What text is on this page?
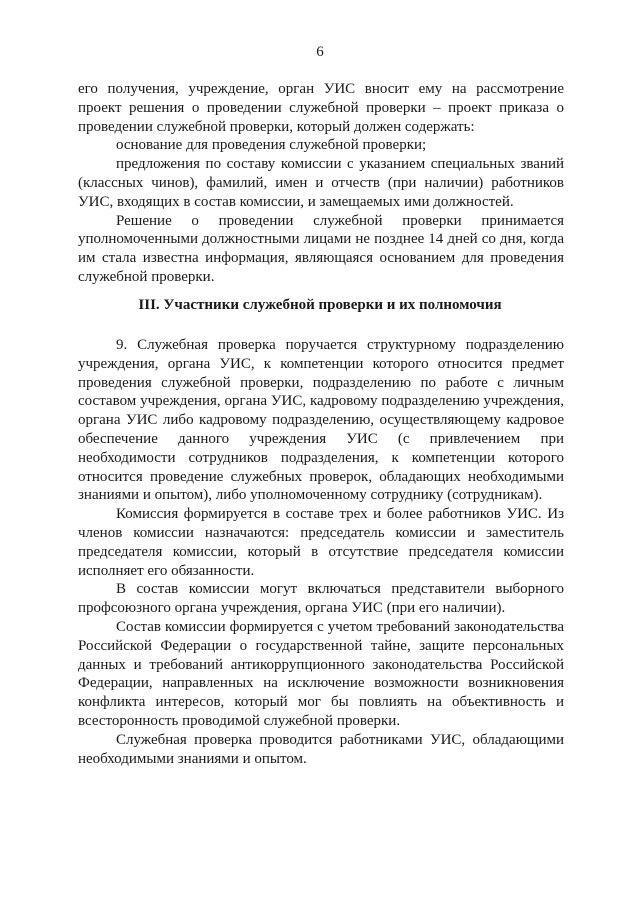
6

его получения, учреждение, орган УИС вносит ему на рассмотрение проект решения о проведении служебной проверки – проект приказа о проведении служебной проверки, который должен содержать:

основание для проведения служебной проверки;

предложения по составу комиссии с указанием специальных званий (классных чинов), фамилий, имен и отчеств (при наличии) работников УИС, входящих в состав комиссии, и замещаемых ими должностей.

Решение о проведении служебной проверки принимается уполномоченными должностными лицами не позднее 14 дней со дня, когда им стала известна информация, являющаяся основанием для проведения служебной проверки.

III. Участники служебной проверки и их полномочия

9. Служебная проверка поручается структурному подразделению учреждения, органа УИС, к компетенции которого относится предмет проведения служебной проверки, подразделению по работе с личным составом учреждения, органа УИС, кадровому подразделению учреждения, органа УИС либо кадровому подразделению, осуществляющему кадровое обеспечение данного учреждения УИС (с привлечением при необходимости сотрудников подразделения, к компетенции которого относится проведение служебных проверок, обладающих необходимыми знаниями и опытом), либо уполномоченному сотруднику (сотрудникам).

Комиссия формируется в составе трех и более работников УИС. Из членов комиссии назначаются: председатель комиссии и заместитель председателя комиссии, который в отсутствие председателя комиссии исполняет его обязанности.

В состав комиссии могут включаться представители выборного профсоюзного органа учреждения, органа УИС (при его наличии).

Состав комиссии формируется с учетом требований законодательства Российской Федерации о государственной тайне, защите персональных данных и требований антикоррупционного законодательства Российской Федерации, направленных на исключение возможности возникновения конфликта интересов, который мог бы повлиять на объективность и всесторонность проводимой служебной проверки.

Служебная проверка проводится работниками УИС, обладающими необходимыми знаниями и опытом.
